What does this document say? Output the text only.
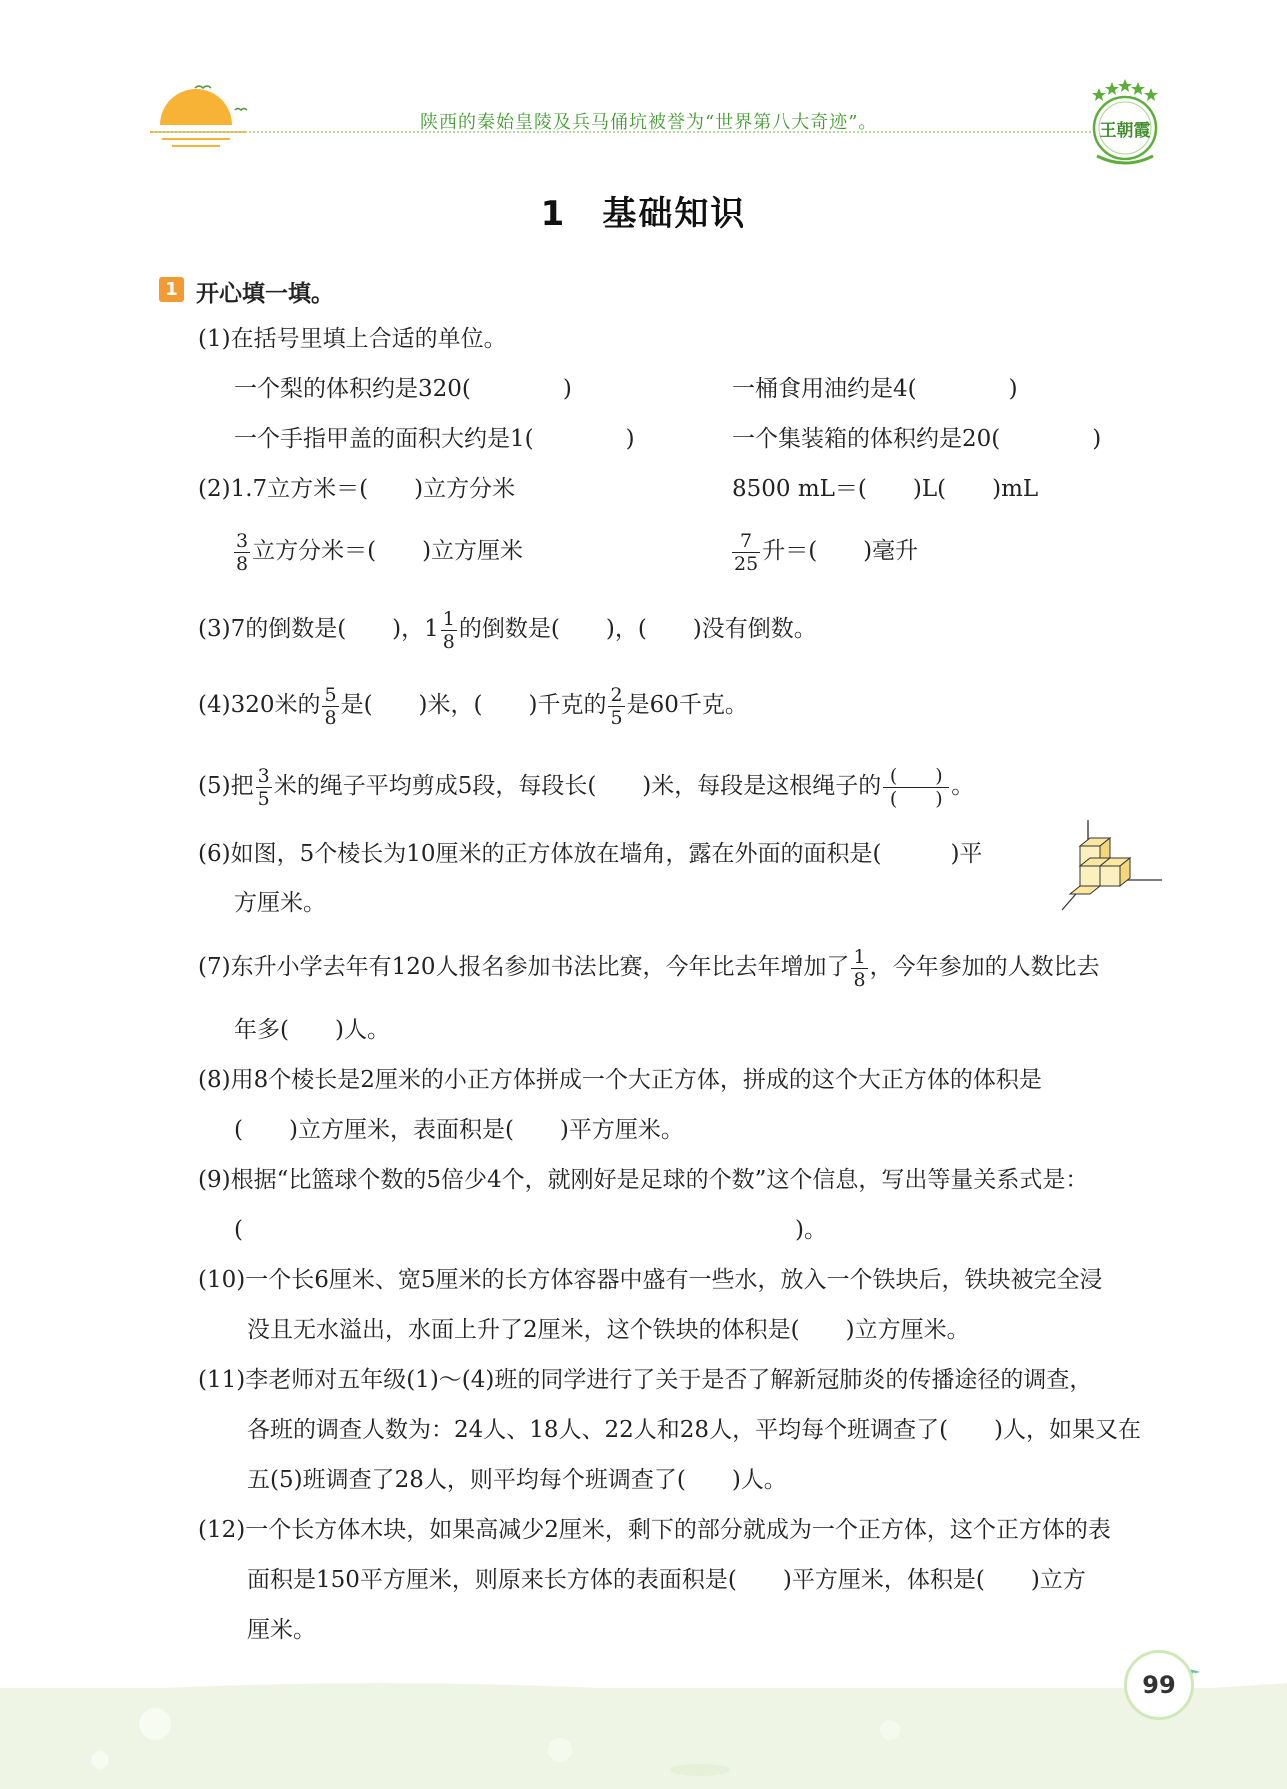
陕西的秦始皇陵及兵马俑坑被誉为“世界第八大奇迹”。	王朝霞
1　基础知识
1 开心填一填。
(1)在括号里填上合适的单位。
一个梨的体积约是320(　　　　)	一桶食用油约是4(　　　　)
一个手指甲盖的面积大约是1(　　　　)	一个集装箱的体积约是20(　　　　)
(2)1.7立方米＝(　　)立方分米	8500 mL＝(　　)L(　　)mL
$\frac{3}{8}$ 立方分米＝(　　)立方厘米	$\frac{7}{25}$ 升＝(　　)毫升
(3)7的倒数是(　　)，$1 \frac{1}{8}$ 的倒数是(　　)，(　　)没有倒数。
(4)320米的 $\frac{5}{8}$ 是(　　)米，(　　)千克的 $\frac{2}{5}$ 是60千克。
(5)把 $\frac{3}{5}$ 米的绳子平均剪成5段，每段长(　　)米，每段是这根绳子的 $\frac{( )}{( )}$ 。
(6)如图，5个棱长为10厘米的正方体放在墙角，露在外面的面积是(　　　)平
方厘米。
(7)东升小学去年有120人报名参加书法比赛，今年比去年增加了 $\frac{1}{8}$ ，今年参加的人数比去
年多(　　)人。
(8)用8个棱长是2厘米的小正方体拼成一个大正方体，拼成的这个大正方体的体积是
(　　)立方厘米，表面积是(　　)平方厘米。
(9)根据“比篮球个数的5倍少4个，就刚好是足球的个数”这个信息，写出等量关系式是：
(　　　　　　　　　　　　　　　　　　　　　　　　)。
(10)一个长6厘米、宽5厘米的长方体容器中盛有一些水，放入一个铁块后，铁块被完全浸
没且无水溢出，水面上升了2厘米，这个铁块的体积是(　　)立方厘米。
(11)李老师对五年级(1)～(4)班的同学进行了关于是否了解新冠肺炎的传播途径的调查，
各班的调查人数为：24人、18人、22人和28人，平均每个班调查了(　　)人，如果又在
五(5)班调查了28人，则平均每个班调查了(　　)人。
(12)一个长方体木块，如果高减少2厘米，剩下的部分就成为一个正方体，这个正方体的表
面积是150平方厘米，则原来长方体的表面积是(　　)平方厘米，体积是(　　)立方
厘米。
99
